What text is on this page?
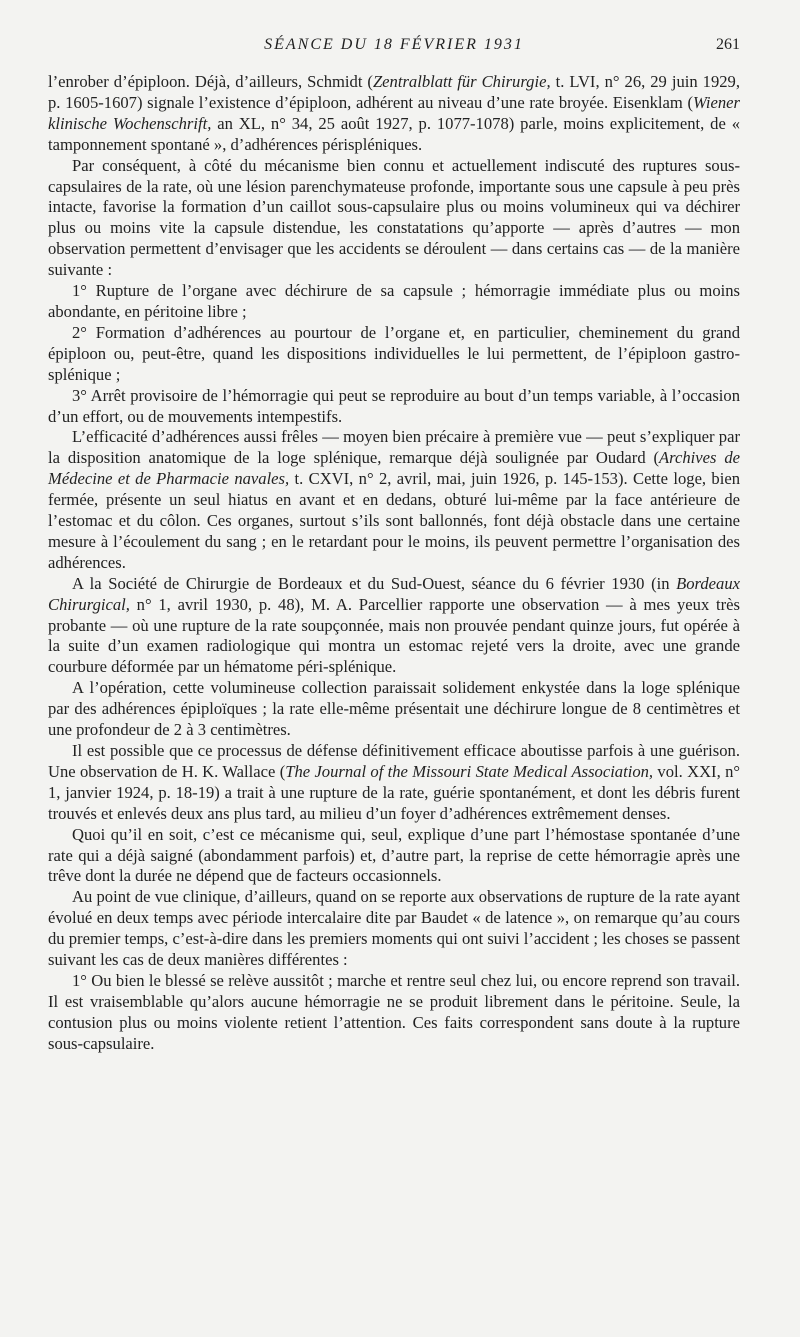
SÉANCE DU 18 FÉVRIER 1931	261

l’enrober d’épiploon. Déjà, d’ailleurs, Schmidt (Zentralblatt für Chirurgie, t. LVI, n° 26, 29 juin 1929, p. 1605-1607) signale l’existence d’épiploon, adhérent au niveau d’une rate broyée. Eisenklam (Wiener klinische Wochenschrift, an XL, n° 34, 25 août 1927, p. 1077-1078) parle, moins explicitement, de « tamponnement spontané », d’adhérences périspléniques.

Par conséquent, à côté du mécanisme bien connu et actuellement indiscuté des ruptures sous-capsulaires de la rate, où une lésion parenchymateuse profonde, importante sous une capsule à peu près intacte, favorise la formation d’un caillot sous-capsulaire plus ou moins volumineux qui va déchirer plus ou moins vite la capsule distendue, les constatations qu’apporte — après d’autres — mon observation permettent d’envisager que les accidents se déroulent — dans certains cas — de la manière suivante :

1° Rupture de l’organe avec déchirure de sa capsule ; hémorragie immédiate plus ou moins abondante, en péritoine libre ;

2° Formation d’adhérences au pourtour de l’organe et, en particulier, cheminement du grand épiploon ou, peut-être, quand les dispositions individuelles le lui permettent, de l’épiploon gastro-splénique ;

3° Arrêt provisoire de l’hémorragie qui peut se reproduire au bout d’un temps variable, à l’occasion d’un effort, ou de mouvements intempestifs.

L’efficacité d’adhérences aussi frêles — moyen bien précaire à première vue — peut s’expliquer par la disposition anatomique de la loge splénique, remarque déjà soulignée par Oudard (Archives de Médecine et de Pharmacie navales, t. CXVI, n° 2, avril, mai, juin 1926, p. 145-153). Cette loge, bien fermée, présente un seul hiatus en avant et en dedans, obturé lui-même par la face antérieure de l’estomac et du côlon. Ces organes, surtout s’ils sont ballonnés, font déjà obstacle dans une certaine mesure à l’écoulement du sang ; en le retardant pour le moins, ils peuvent permettre l’organisation des adhérences.

A la Société de Chirurgie de Bordeaux et du Sud-Ouest, séance du 6 février 1930 (in Bordeaux Chirurgical, n° 1, avril 1930, p. 48), M. A. Parcellier rapporte une observation — à mes yeux très probante — où une rupture de la rate soupçonnée, mais non prouvée pendant quinze jours, fut opérée à la suite d’un examen radiologique qui montra un estomac rejeté vers la droite, avec une grande courbure déformée par un hématome péri-splénique.

A l’opération, cette volumineuse collection paraissait solidement enkystée dans la loge splénique par des adhérences épiploïques ; la rate elle-même présentait une déchirure longue de 8 centimètres et une profondeur de 2 à 3 centimètres.

Il est possible que ce processus de défense définitivement efficace aboutisse parfois à une guérison. Une observation de H. K. Wallace (The Journal of the Missouri State Medical Association, vol. XXI, n° 1, janvier 1924, p. 18-19) a trait à une rupture de la rate, guérie spontanément, et dont les débris furent trouvés et enlevés deux ans plus tard, au milieu d’un foyer d’adhérences extrêmement denses.

Quoi qu’il en soit, c’est ce mécanisme qui, seul, explique d’une part l’hémostase spontanée d’une rate qui a déjà saigné (abondamment parfois) et, d’autre part, la reprise de cette hémorragie après une trêve dont la durée ne dépend que de facteurs occasionnels.

Au point de vue clinique, d’ailleurs, quand on se reporte aux observations de rupture de la rate ayant évolué en deux temps avec période intercalaire dite par Baudet « de latence », on remarque qu’au cours du premier temps, c’est-à-dire dans les premiers moments qui ont suivi l’accident ; les choses se passent suivant les cas de deux manières différentes :

1° Ou bien le blessé se relève aussitôt ; marche et rentre seul chez lui, ou encore reprend son travail. Il est vraisemblable qu’alors aucune hémorragie ne se produit librement dans le péritoine. Seule, la contusion plus ou moins violente retient l’attention. Ces faits correspondent sans doute à la rupture sous-capsulaire.
